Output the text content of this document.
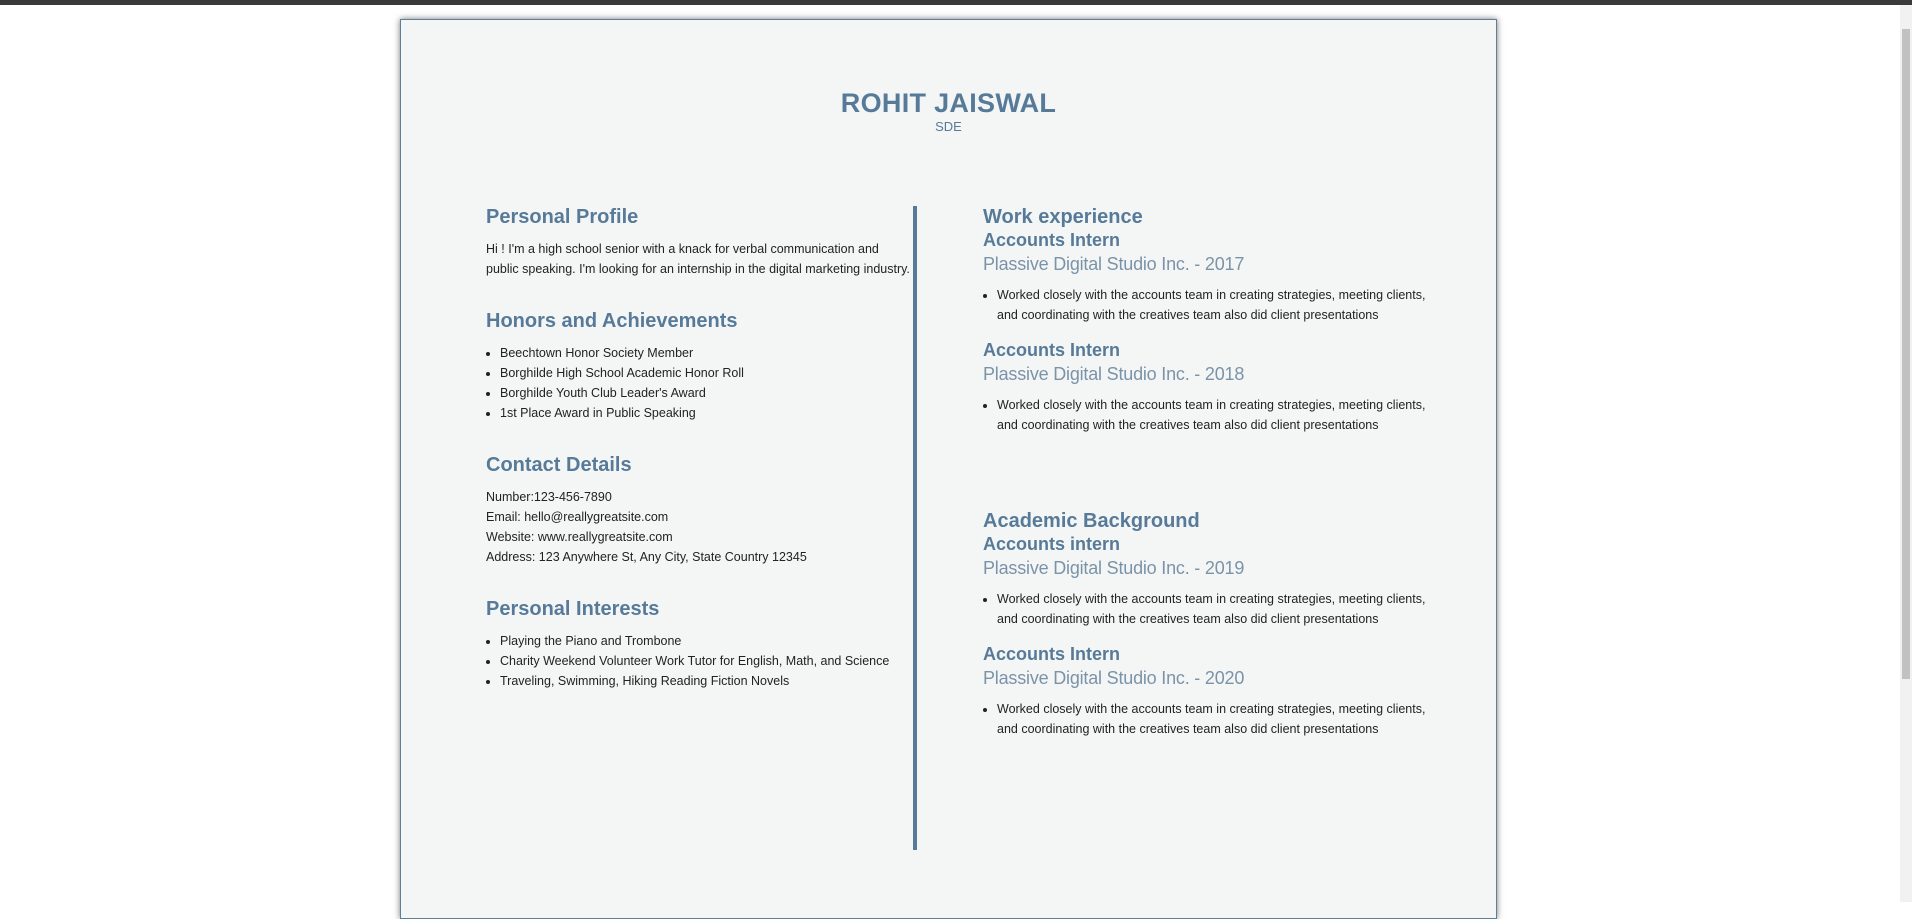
ROHIT JAISWAL
SDE
Personal Profile

Hi ! I'm a high school senior with a knack for verbal communication and public speaking. I'm looking for an internship in the digital marketing industry.

Honors and Achievements
• Beechtown Honor Society Member
• Borghilde High School Academic Honor Roll
• Borghilde Youth Club Leader's Award
• 1st Place Award in Public Speaking
Contact Details
Number:123-456-7890
Email: hello@reallygreatsite.com
Website: www.reallygreatsite.com
Address: 123 Anywhere St, Any City, State Country 12345
Personal Interests
• Playing the Piano and Trombone
• Charity Weekend Volunteer Work Tutor for English, Math, and Science
• Traveling, Swimming, Hiking Reading Fiction Novels
Work experience
Accounts Intern
Plassive Digital Studio Inc. - 2017
• Worked closely with the accounts team in creating strategies, meeting clients, and coordinating with the creatives team also did client presentations
Accounts Intern
Plassive Digital Studio Inc. - 2018
• Worked closely with the accounts team in creating strategies, meeting clients, and coordinating with the creatives team also did client presentations
Academic Background
Accounts intern
Plassive Digital Studio Inc. - 2019
• Worked closely with the accounts team in creating strategies, meeting clients, and coordinating with the creatives team also did client presentations
Accounts Intern
Plassive Digital Studio Inc. - 2020
• Worked closely with the accounts team in creating strategies, meeting clients, and coordinating with the creatives team also did client presentations
